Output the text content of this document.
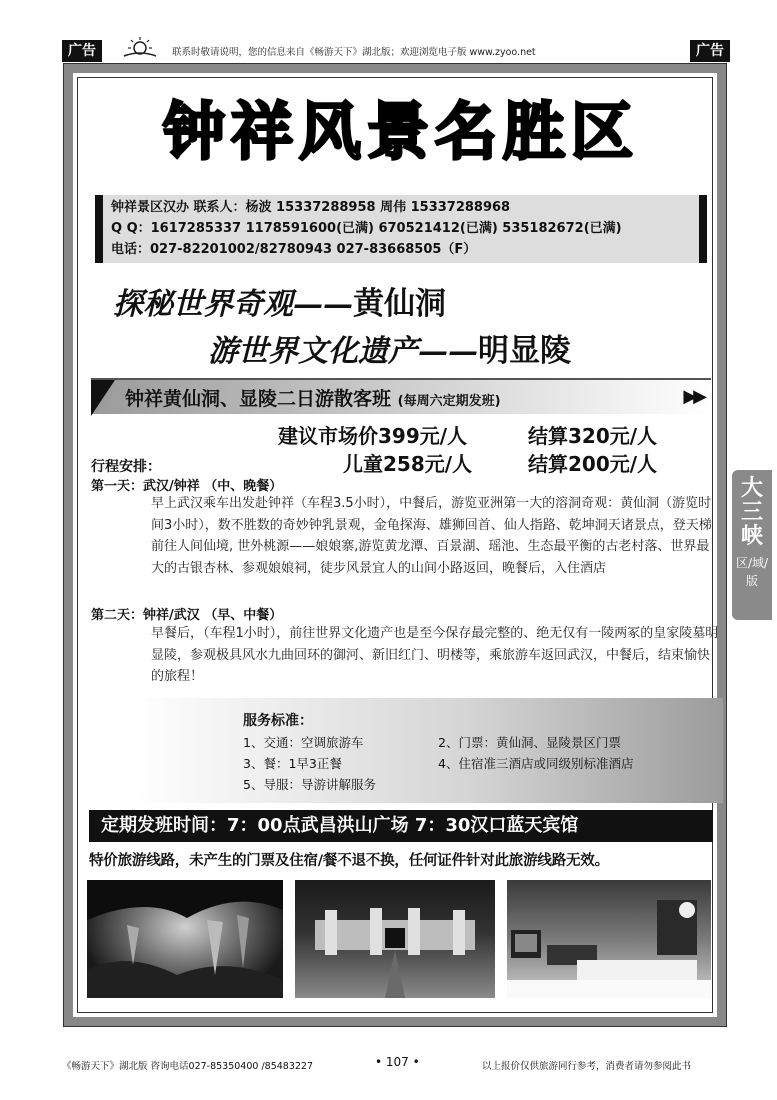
广告	联系时敬请说明，您的信息来自《畅游天下》湖北版；欢迎浏览电子版 www.zyoo.net	广告
钟祥风景名胜区
钟祥景区汉办 联系人：杨波 15337288958 周伟 15337288968
Q Q：1617285337 1178591600(已满) 670521412(已满) 535182672(已满)
电话：027-82201002/82780943 027-83668505（F）
探秘世界奇观——黄仙洞
游世界文化遗产——明显陵
钟祥黄仙洞、显陵二日游散客班 (每周六定期发班)	▶▶
建议市场价399元/人	结算320元/人
儿童258元/人	结算200元/人
行程安排：
第一天：武汉/钟祥 （中、晚餐）
早上武汉乘车出发赴钟祥（车程3.5小时），中餐后，游览亚洲第一大的溶洞奇观：黄仙洞（游览时间3小时），数不胜数的奇妙钟乳景观，金龟探海、雄狮回首、仙人指路、乾坤洞天诸景点，登天梯前往人间仙境, 世外桃源——娘娘寨,游览黄龙潭、百景湖、瑶池、生态最平衡的古老村落、世界最大的古银杏林、参观娘娘祠，徒步风景宜人的山间小路返回，晚餐后，入住酒店
第二天：钟祥/武汉 （早、中餐）
早餐后，（车程1小时），前往世界文化遗产也是至今保存最完整的、绝无仅有一陵两冢的皇家陵墓明显陵，参观极具风水九曲回环的御河、新旧红门、明楼等，乘旅游车返回武汉，中餐后，结束愉快的旅程！
服务标准：
1、交通：空调旅游车	2、门票：黄仙洞、显陵景区门票
3、餐：1早3正餐	4、住宿准三酒店或同级别标准酒店
5、导服：导游讲解服务
定期发班时间：7：00点武昌洪山广场 7：30汉口蓝天宾馆
特价旅游线路，未产生的门票及住宿/餐不退不换，任何证件针对此旅游线路无效。
大三峡
区/域/版
《畅游天下》湖北版 咨询电话027-85350400 /85483227	• 107 •	以上报价仅供旅游同行参考，消费者请勿参阅此书
